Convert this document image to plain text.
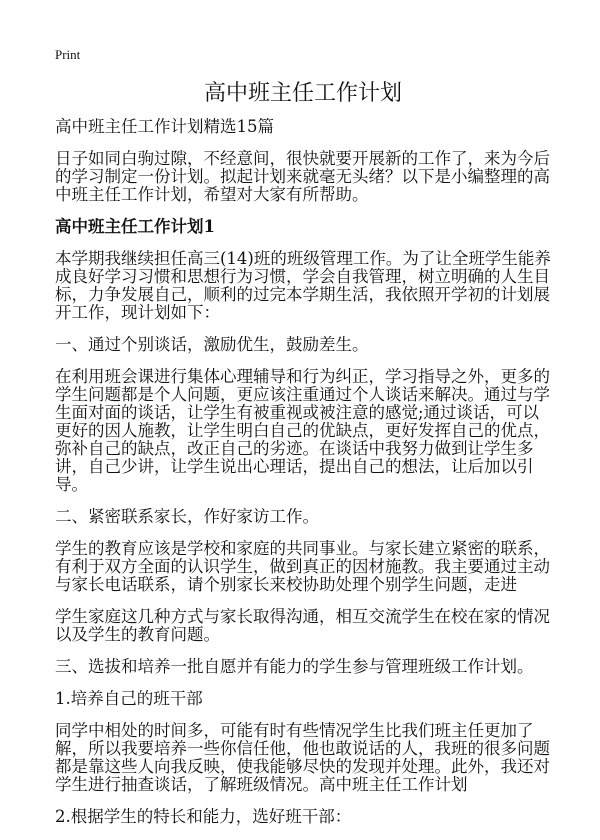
Print
高中班主任工作计划

高中班主任工作计划精选15篇

日子如同白驹过隙，不经意间，很快就要开展新的工作了，来为今后的学习制定一份计划。拟起计划来就毫无头绪？以下是小编整理的高中班主任工作计划，希望对大家有所帮助。

高中班主任工作计划1

本学期我继续担任高三(14)班的班级管理工作。为了让全班学生能养成良好学习习惯和思想行为习惯，学会自我管理，树立明确的人生目标，力争发展自己，顺利的过完本学期生活，我依照开学初的计划展开工作，现计划如下：

一、通过个别谈话，激励优生，鼓励差生。

在利用班会课进行集体心理辅导和行为纠正，学习指导之外，更多的学生问题都是个人问题，更应该注重通过个人谈话来解决。通过与学生面对面的谈话，让学生有被重视或被注意的感觉;通过谈话，可以更好的因人施教，让学生明白自己的优缺点，更好发挥自己的优点，弥补自己的缺点，改正自己的劣迹。在谈话中我努力做到让学生多讲，自己少讲，让学生说出心理话，提出自己的想法，让后加以引导。

二、紧密联系家长，作好家访工作。

学生的教育应该是学校和家庭的共同事业。与家长建立紧密的联系，有利于双方全面的认识学生，做到真正的因材施教。我主要通过主动与家长电话联系，请个别家长来校协助处理个别学生问题，走进

学生家庭这几种方式与家长取得沟通，相互交流学生在校在家的情况以及学生的教育问题。

三、选拔和培养一批自愿并有能力的学生参与管理班级工作计划。

1.培养自己的班干部

同学中相处的时间多，可能有时有些情况学生比我们班主任更加了解，所以我要培养一些你信任他，他也敢说话的人，我班的很多问题都是靠这些人向我反映，使我能够尽快的发现并处理。此外，我还对学生进行抽查谈话，了解班级情况。高中班主任工作计划

2.根据学生的特长和能力，选好班干部：
